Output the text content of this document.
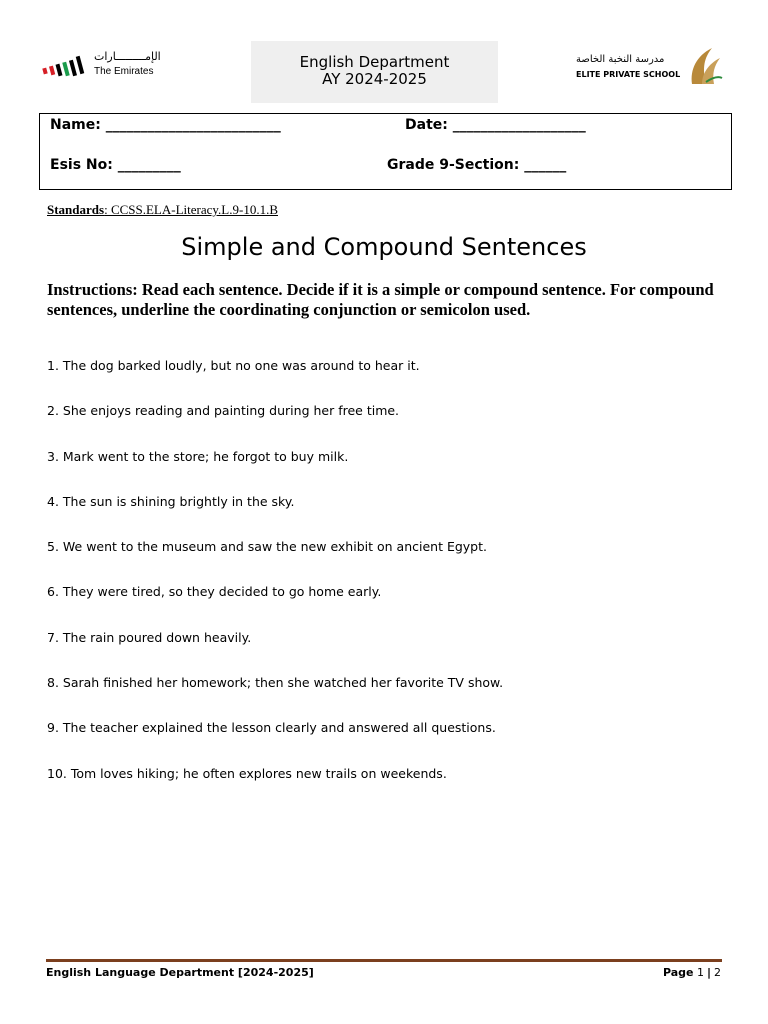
الإمـــــــــارات
The Emirates
English Department
AY 2024-2025
مدرسة النخبة الخاصة
ELITE PRIVATE SCHOOL
Name: _________________________	Date: ___________________
Esis No: _________	Grade 9-Section: ______
Standards: CCSS.ELA-Literacy.L.9-10.1.B
Simple and Compound Sentences
Instructions: Read each sentence. Decide if it is a simple or compound sentence. For compound sentences, underline the coordinating conjunction or semicolon used.
1. The dog barked loudly, but no one was around to hear it.
2. She enjoys reading and painting during her free time.
3. Mark went to the store; he forgot to buy milk.
4. The sun is shining brightly in the sky.
5. We went to the museum and saw the new exhibit on ancient Egypt.
6. They were tired, so they decided to go home early.
7. The rain poured down heavily.
8. Sarah finished her homework; then she watched her favorite TV show.
9. The teacher explained the lesson clearly and answered all questions.
10. Tom loves hiking; he often explores new trails on weekends.
English Language Department [2024-2025]	Page 1 | 2
